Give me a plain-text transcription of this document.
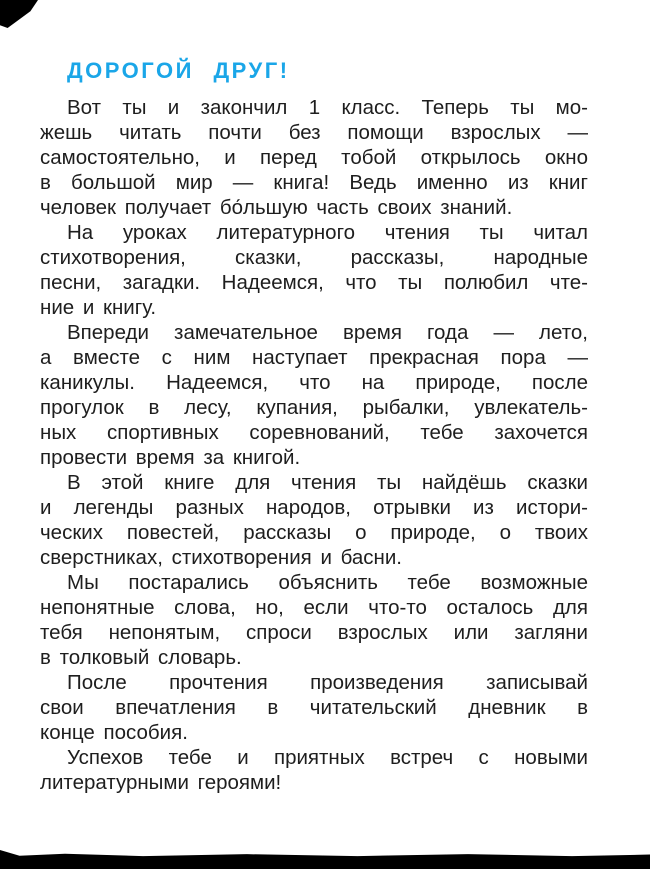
ДОРОГОЙ ДРУГ!
Вот ты и закончил 1 класс. Теперь ты мо-
жешь читать почти без помощи взрослых —
самостоятельно, и перед тобой открылось окно
в большой мир — книга! Ведь именно из книг
человек получает бо́льшую часть своих знаний.
На уроках литературного чтения ты читал
стихотворения, сказки, рассказы, народные
песни, загадки. Надеемся, что ты полюбил чте-
ние и книгу.
Впереди замечательное время года — лето,
а вместе с ним наступает прекрасная пора —
каникулы. Надеемся, что на природе, после
прогулок в лесу, купания, рыбалки, увлекатель-
ных спортивных соревнований, тебе захочется
провести время за книгой.
В этой книге для чтения ты найдёшь сказки
и легенды разных народов, отрывки из истори-
ческих повестей, рассказы о природе, о твоих
сверстниках, стихотворения и басни.
Мы постарались объяснить тебе возможные
непонятные слова, но, если что-то осталось для
тебя непонятым, спроси взрослых или загляни
в толковый словарь.
После прочтения произведения записывай
свои впечатления в читательский дневник в
конце пособия.
Успехов тебе и приятных встреч с новыми
литературными героями!
